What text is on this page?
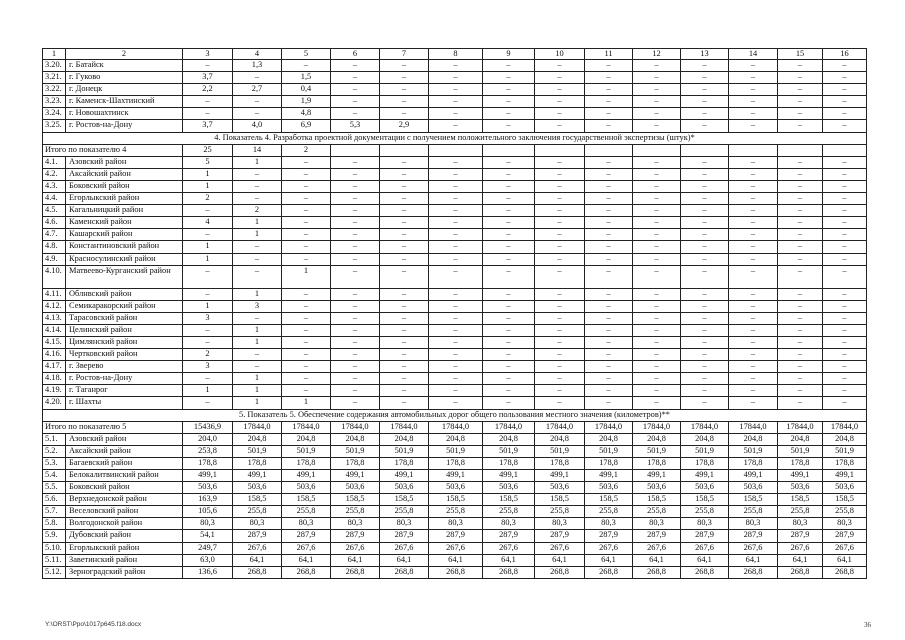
1	2	3	4	5	6	7	8	9	10	11	12	13	14	15	16
3.20.	г. Батайск	–	1,3	–	–	–	–	–	–	–	–	–	–	–	–
3.21.	г. Гуково	3,7	–	1,5	–	–	–	–	–	–	–	–	–	–	–
3.22.	г. Донецк	2,2	2,7	0,4	–	–	–	–	–	–	–	–	–	–	–
3.23.	г. Каменск-Шахтинский	–	–	1,9	–	–	–	–	–	–	–	–	–	–	–
3.24.	г. Новошахтинск	–	–	4,8	–	–	–	–	–	–	–	–	–	–	–
3.25.	г. Ростов-на-Дону	3,7	4,0	6,9	5,3	2,9	–	–	–	–	–	–	–	–	–
4. Показатель 4. Разработка проектной документации с получением положительного заключения государственной экспертизы (штук)*															
Итого по показателю 4		25	14	2											
4.1.	Азовский район	5	1	–	–	–	–	–	–	–	–	–	–	–	–
4.2.	Аксайский район	1	–	–	–	–	–	–	–	–	–	–	–	–	–
4.3.	Боковский район	1	–	–	–	–	–	–	–	–	–	–	–	–	–
4.4.	Егорлыкский район	2	–	–	–	–	–	–	–	–	–	–	–	–	–
4.5.	Кагальницкий район	–	2	–	–	–	–	–	–	–	–	–	–	–	–
4.6.	Каменский район	4	1	–	–	–	–	–	–	–	–	–	–	–	–
4.7.	Кашарский район	–	1	–	–	–	–	–	–	–	–	–	–	–	–
4.8.	Константиновский район	1	–	–	–	–	–	–	–	–	–	–	–	–	–
4.9.	Красносулинский район	1	–	–	–	–	–	–	–	–	–	–	–	–	–
4.10.	Матвеево-Курганский район	–	–	1	–	–	–	–	–	–	–	–	–	–	–
4.11.	Облнвский район	–	1	–	–	–	–	–	–	–	–	–	–	–	–
4.12.	Семикаракорский район	1	3	–	–	–	–	–	–	–	–	–	–	–	–
4.13.	Тарасовский район	3	–	–	–	–	–	–	–	–	–	–	–	–	–
4.14.	Целинский район	–	1	–	–	–	–	–	–	–	–	–	–	–	–
4.15.	Цимлянский район	–	1	–	–	–	–	–	–	–	–	–	–	–	–
4.16.	Чертковский район	2	–	–	–	–	–	–	–	–	–	–	–	–	–
4.17.	г. Зверево	3	–	–	–	–	–	–	–	–	–	–	–	–	–
4.18.	г. Ростов-на-Дону	–	1	–	–	–	–	–	–	–	–	–	–	–	–
4.19.	г. Таганрог	1	1	–	–	–	–	–	–	–	–	–	–	–	–
4.20.	г. Шахты	–	1	1	–	–	–	–	–	–	–	–	–	–	–
5. Показатель 5. Обеспечение содержания автомобильных дорог общего пользования местного значения (километров)**															
Итого по показателю 5		15436,9	17844,0	17844,0	17844,0	17844,0	17844,0	17844,0	17844,0	17844,0	17844,0	17844,0	17844,0	17844,0	17844,0
5.1.	Азовский район	204,0	204,8	204,8	204,8	204,8	204,8	204,8	204,8	204,8	204,8	204,8	204,8	204,8	204,8
5.2.	Аксайский район	253,8	501,9	501,9	501,9	501,9	501,9	501,9	501,9	501,9	501,9	501,9	501,9	501,9	501,9
5.3.	Багаевский район	178,8	178,8	178,8	178,8	178,8	178,8	178,8	178,8	178,8	178,8	178,8	178,8	178,8	178,8
5.4.	Белокалитвинский район	499,1	499,1	499,1	499,1	499,1	499,1	499,1	499,1	499,1	499,1	499,1	499,1	499,1	499,1
5.5.	Боковский район	503,6	503,6	503,6	503,6	503,6	503,6	503,6	503,6	503,6	503,6	503,6	503,6	503,6	503,6
5.6.	Верхнедонской район	163,9	158,5	158,5	158,5	158,5	158,5	158,5	158,5	158,5	158,5	158,5	158,5	158,5	158,5
5.7.	Веселовский район	105,6	255,8	255,8	255,8	255,8	255,8	255,8	255,8	255,8	255,8	255,8	255,8	255,8	255,8
5.8.	Волгодонской район	80,3	80,3	80,3	80,3	80,3	80,3	80,3	80,3	80,3	80,3	80,3	80,3	80,3	80,3
5.9.	Дубовский район	54,1	287,9	287,9	287,9	287,9	287,9	287,9	287,9	287,9	287,9	287,9	287,9	287,9	287,9
5.10.	Егорлыкский район	249,7	267,6	267,6	267,6	267,6	267,6	267,6	267,6	267,6	267,6	267,6	267,6	267,6	267,6
5.11.	Заветинский район	63,0	64,1	64,1	64,1	64,1	64,1	64,1	64,1	64,1	64,1	64,1	64,1	64,1	64,1
5.12.	Зерноградский район	136,6	268,8	268,8	268,8	268,8	268,8	268,8	268,8	268,8	268,8	268,8	268,8	268,8	268,8
Y:\ORST\Ppo\1017p645.f18.docx	36
